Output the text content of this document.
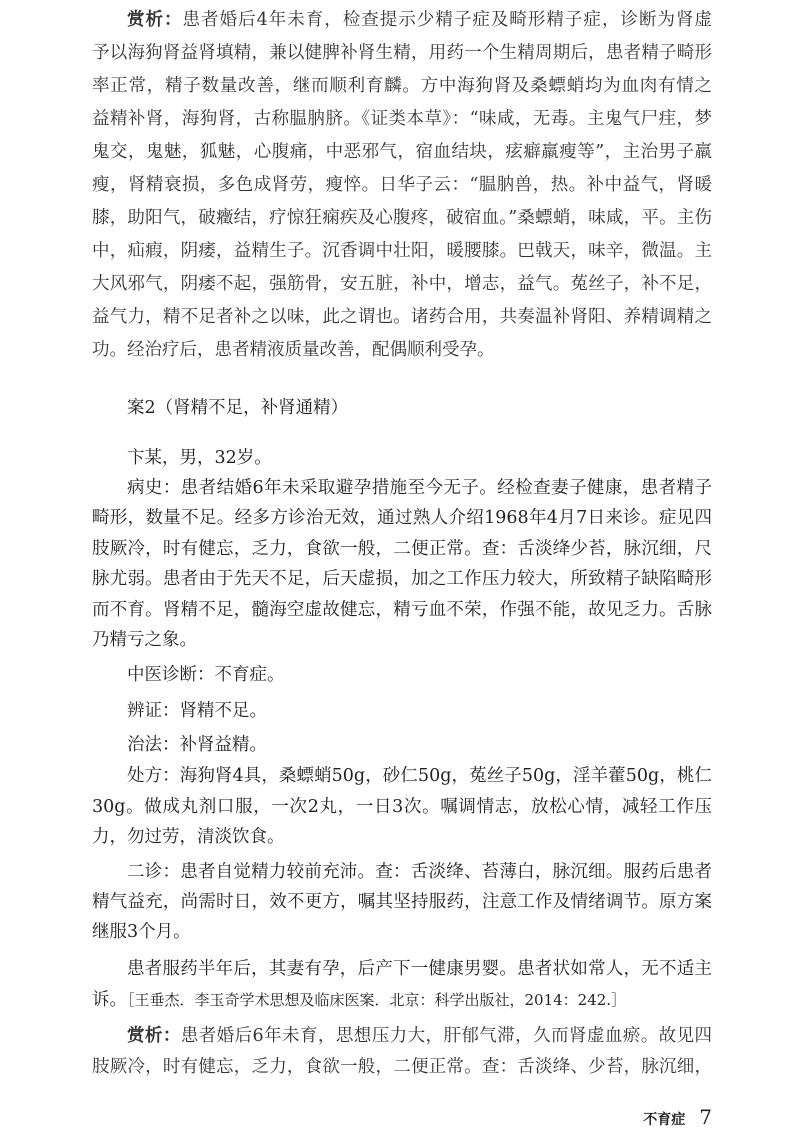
赏析：患者婚后4年未育，检查提示少精子症及畸形精子症，诊断为肾虚
予以海狗肾益肾填精，兼以健脾补肾生精，用药一个生精周期后，患者精子畸形
率正常，精子数量改善，继而顺利育麟。方中海狗肾及桑螵蛸均为血肉有情之
益精补肾，海狗肾，古称腽肭脐。《证类本草》：“味咸，无毒。主鬼气尸疰，梦
鬼交，鬼魅，狐魅，心腹痛，中恶邪气，宿血结块，痃癖羸瘦等”，主治男子羸
瘦，肾精衰损，多色成肾劳，瘦悴。日华子云：“腽肭兽，热。补中益气，肾暖
膝，助阳气，破癥结，疗惊狂痫疾及心腹疼，破宿血。”桑螵蛸，味咸，平。主伤
中，疝瘕，阴痿，益精生子。沉香调中壮阳，暖腰膝。巴戟天，味辛，微温。主
大风邪气，阴痿不起，强筋骨，安五脏，补中，增志，益气。菟丝子，补不足，
益气力，精不足者补之以味，此之谓也。诸药合用，共奏温补肾阳、养精调精之
功。经治疗后，患者精液质量改善，配偶顺利受孕。
案2（肾精不足，补肾通精）
卞某，男，32岁。
病史：患者结婚6年未采取避孕措施至今无子。经检查妻子健康，患者精子
畸形，数量不足。经多方诊治无效，通过熟人介绍1968年4月7日来诊。症见四
肢厥冷，时有健忘，乏力，食欲一般，二便正常。查：舌淡绛少苔，脉沉细，尺
脉尤弱。患者由于先天不足，后天虚损，加之工作压力较大，所致精子缺陷畸形
而不育。肾精不足，髓海空虚故健忘，精亏血不荣，作强不能，故见乏力。舌脉
乃精亏之象。
中医诊断：不育症。
辨证：肾精不足。
治法：补肾益精。
处方：海狗肾4具，桑螵蛸50g，砂仁50g，菟丝子50g，淫羊藿50g，桃仁
30g。做成丸剂口服，一次2丸，一日3次。嘱调情志，放松心情，减轻工作压
力，勿过劳，清淡饮食。
二诊：患者自觉精力较前充沛。查：舌淡绛、苔薄白，脉沉细。服药后患者
精气益充，尚需时日，效不更方，嘱其坚持服药，注意工作及情绪调节。原方案
继服3个月。
患者服药半年后，其妻有孕，后产下一健康男婴。患者状如常人，无不适主
诉。［王垂杰．李玉奇学术思想及临床医案．北京：科学出版社，2014：242.］
赏析：患者婚后6年未育，思想压力大，肝郁气滞，久而肾虚血瘀。故见四
肢厥冷，时有健忘，乏力，食欲一般，二便正常。查：舌淡绛、少苔，脉沉细，
不育症 7
